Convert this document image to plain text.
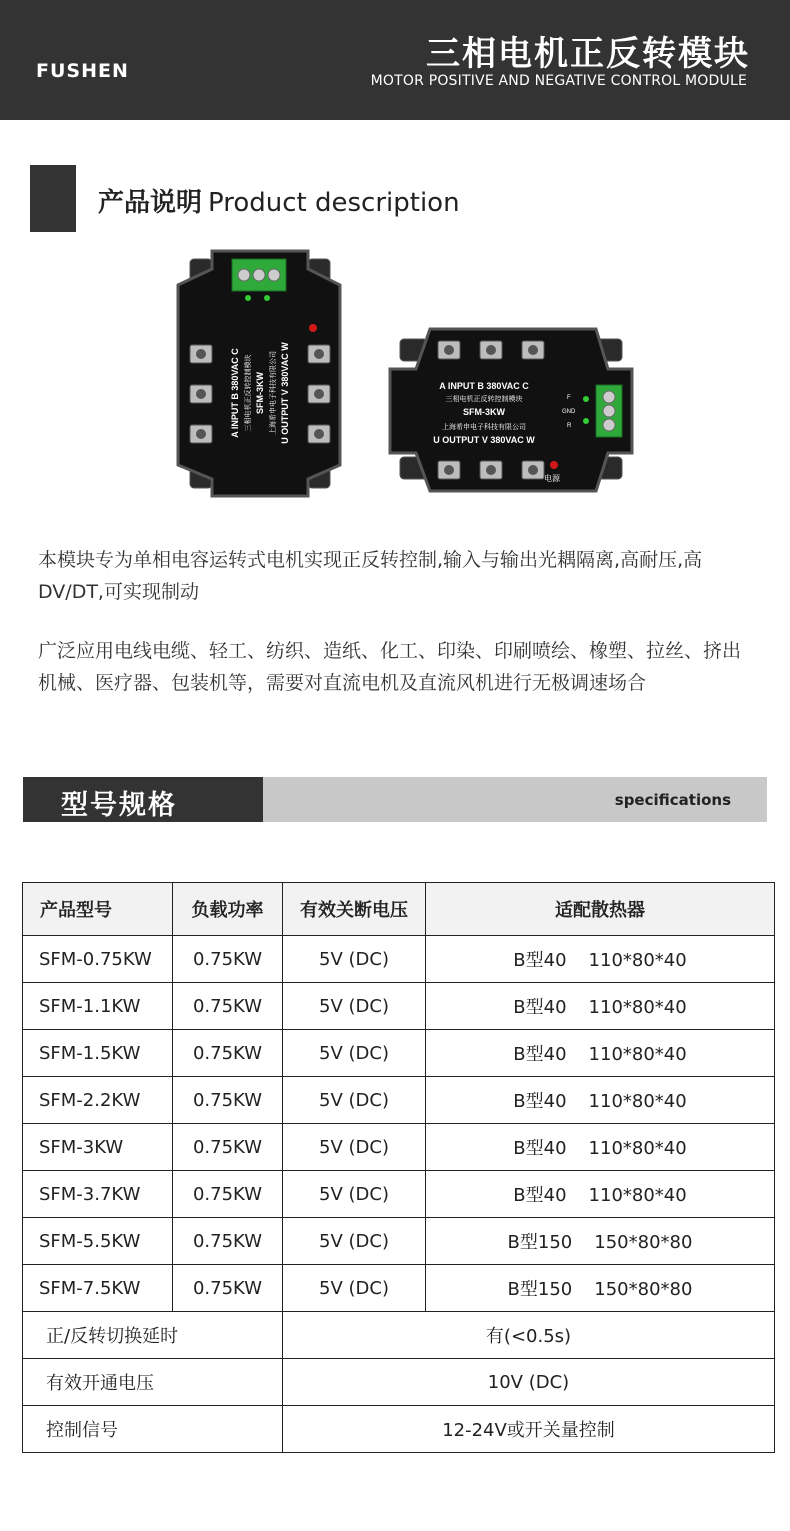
FUSHEN	三相电机正反转模块
MOTOR POSITIVE AND NEGATIVE CONTROL MODULE
产品说明 Product description
A INPUT B 380VAC C
三相电机正反转控制模块 SFM-3KW 上海希申电子科技有限公司
U OUTPUT V 380VAC W
A INPUT B 380VAC C
三相电机正反转控制模块
SFM-3KW
上海希申电子科技有限公司
U OUTPUT V 380VAC W
电源
F
GND
R
本模块专为单相电容运转式电机实现正反转控制,输入与输出光耦隔离,高耐压,高DV/DT,可实现制动
广泛应用电线电缆、轻工、纺织、造纸、化工、印染、印刷喷绘、橡塑、拉丝、挤出机械、医疗器、包装机等，需要对直流电机及直流风机进行无极调速场合
型号规格	specifications
产品型号	负载功率	有效关断电压	适配散热器
SFM-0.75KW	0.75KW	5V (DC)	B型40 110*80*40
SFM-1.1KW	0.75KW	5V (DC)	B型40 110*80*40
SFM-1.5KW	0.75KW	5V (DC)	B型40 110*80*40
SFM-2.2KW	0.75KW	5V (DC)	B型40 110*80*40
SFM-3KW	0.75KW	5V (DC)	B型40 110*80*40
SFM-3.7KW	0.75KW	5V (DC)	B型40 110*80*40
SFM-5.5KW	0.75KW	5V (DC)	B型150 150*80*80
SFM-7.5KW	0.75KW	5V (DC)	B型150 150*80*80
正/反转切换延时		有(<0.5s)	
有效开通电压		10V (DC)	
控制信号		12-24V或开关量控制	
